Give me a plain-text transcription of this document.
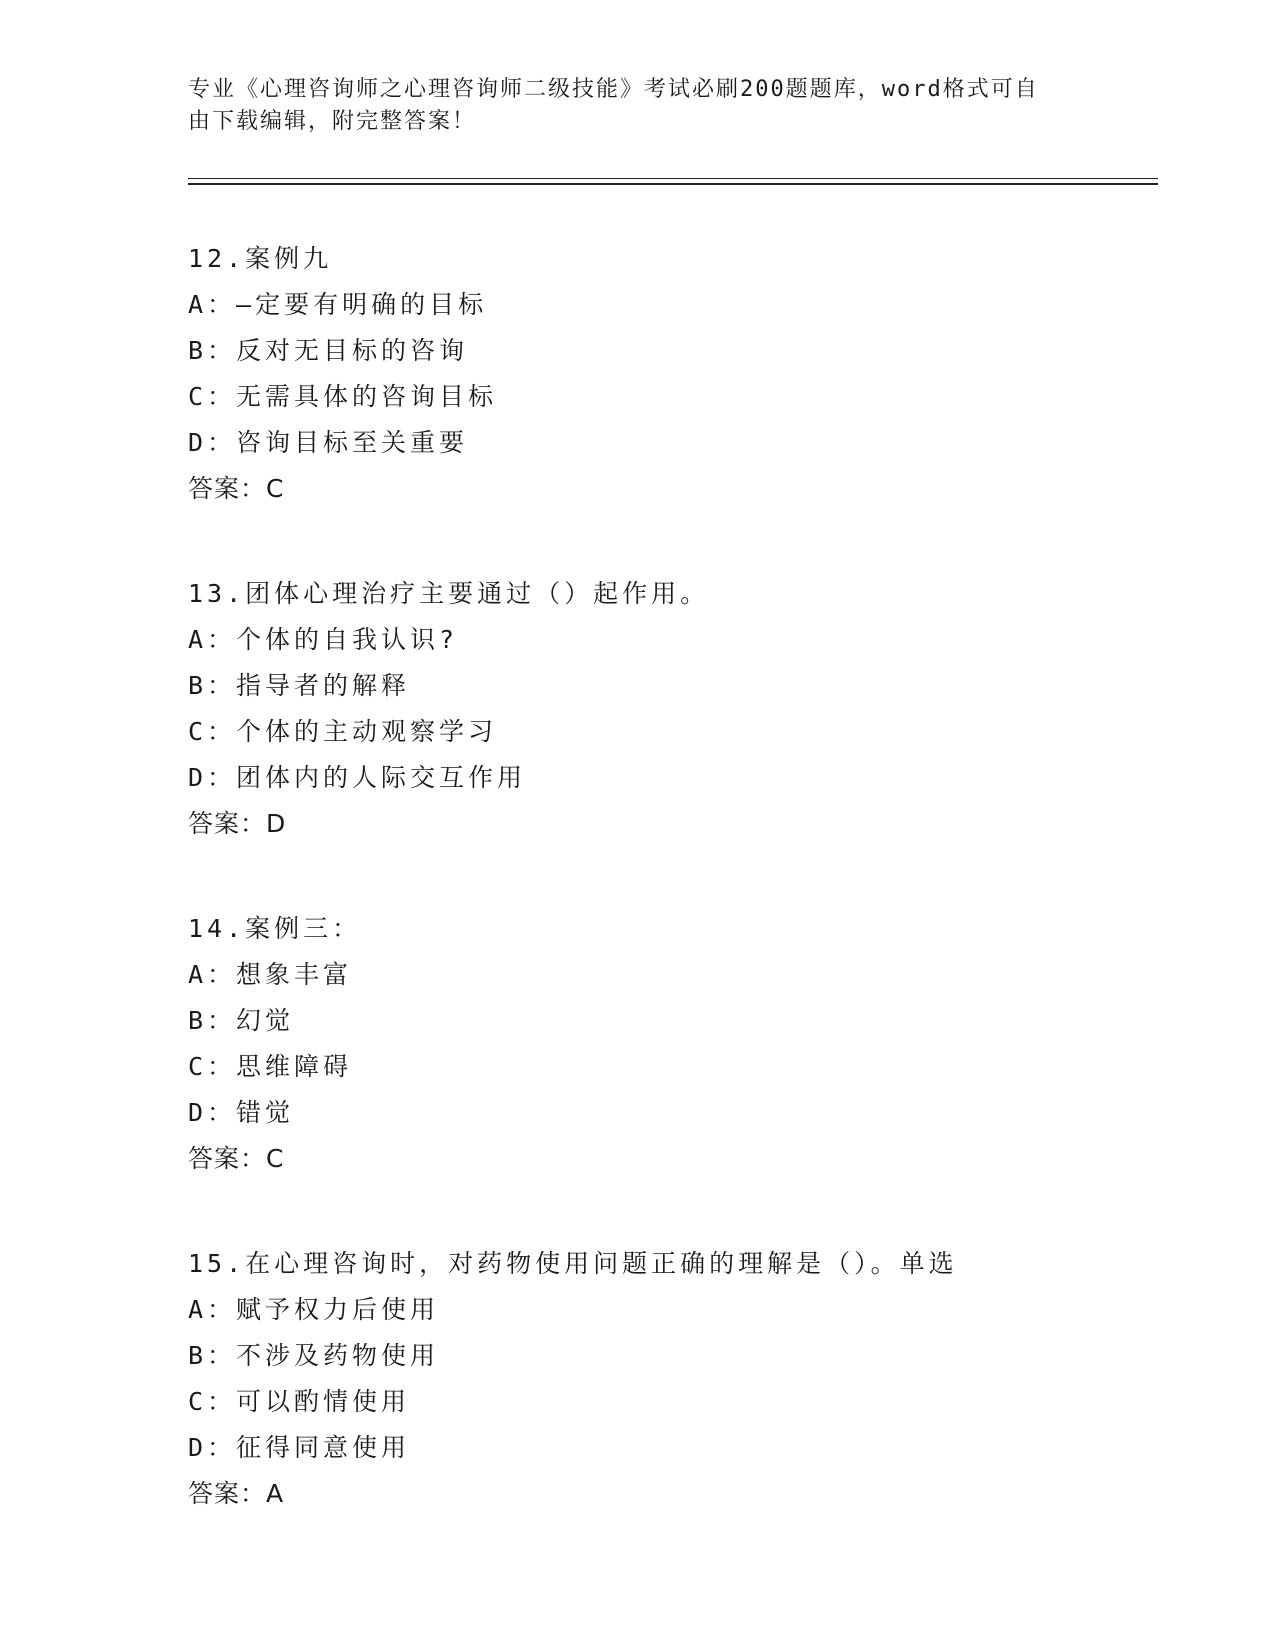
专业《心理咨询师之心理咨询师二级技能》考试必刷200题题库，word格式可自
由下载编辑，附完整答案！
12.案例九
A：—定要有明确的目标
B：反对无目标的咨询
C：无需具体的咨询目标
D：咨询目标至关重要
答案：C
13.团体心理治疗主要通过（）起作用。
A：个体的自我认识?
B：指导者的解释
C：个体的主动观察学习
D：团体内的人际交互作用
答案：D
14.案例三：
A：想象丰富
B：幻觉
C：思维障碍
D：错觉
答案：C
15.在心理咨询时，对药物使用问题正确的理解是（）。单选
A：赋予权力后使用
B：不涉及药物使用
C：可以酌情使用
D：征得同意使用
答案：A
